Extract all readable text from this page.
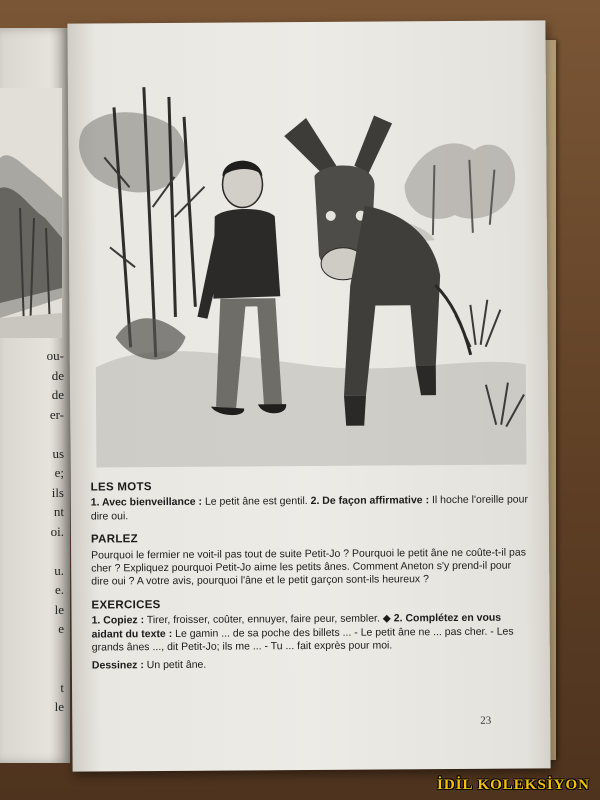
ou-
de
de
er-
us
e;
ils
nt
oi.
u.
e.
le
e
t
le
LES MOTS
1. Avec bienveillance : Le petit âne est gentil. 2. De façon affirmative : Il hoche l'oreille pour dire oui.
PARLEZ
Pourquoi le fermier ne voit-il pas tout de suite Petit-Jo ? Pourquoi le petit âne ne coûte-t-il pas cher ? Expliquez pourquoi Petit-Jo aime les petits ânes. Comment Aneton s'y prend-il pour dire oui ? A votre avis, pourquoi l'âne et le petit garçon sont-ils heureux ?
EXERCICES
1. Copiez : Tirer, froisser, coûter, ennuyer, faire peur, sembler. ◆ 2. Complétez en vous aidant du texte : Le gamin ... de sa poche des billets ... - Le petit âne ne ... pas cher. - Les grands ânes ..., dit Petit-Jo; ils me ... - Tu ... fait exprès pour moi.
Dessinez : Un petit âne.
23
İDİL KOLEKSİYON
